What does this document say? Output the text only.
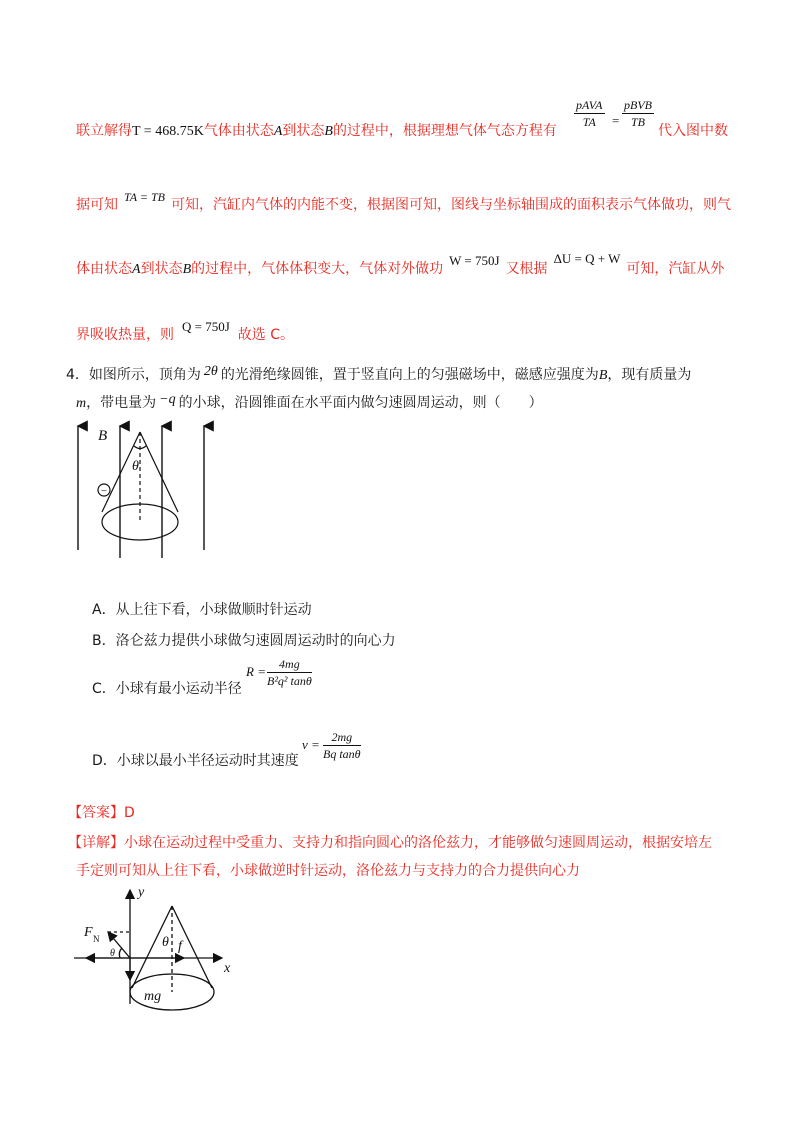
联立解得T = 468.75K气体由状态A到状态B的过程中，根据理想气体气态方程有
pAVA
TA	=
pBVB
TB
代入图中数
据可知 TA = TB 可知，汽缸内气体的内能不变，根据图可知，图线与坐标轴围成的面积表示气体做功，则气
体由状态A到状态B的过程中，气体体积变大，气体对外做功W = 750J又根据ΔU = Q + W可知，汽缸从外
界吸收热量，则Q = 750J故选 C。
4．如图所示，顶角为 2θ 的光滑绝缘圆锥，置于竖直向上的匀强磁场中，磁感应强度为B，现有质量为
m，带电量为 −q 的小球，沿圆锥面在水平面内做匀速圆周运动，则（　　）
−
B
θ
A．从上往下看，小球做顺时针运动
B．洛仑兹力提供小球做匀速圆周运动时的向心力
C．小球有最小运动半径
$R = \frac{4mg}{\text{B²q² tanθ}}$
D．小球以最小半径运动时其速度
$v = \frac{2mg}{\text{Bq tanθ}}$
【答案】D
【详解】小球在运动过程中受重力、支持力和指向圆心的洛伦兹力，才能够做匀速圆周运动，根据安培左
手定则可知从上往下看，小球做逆时针运动，洛伦兹力与支持力的合力提供向心力
y
x
F N
θ
θ f
mg
